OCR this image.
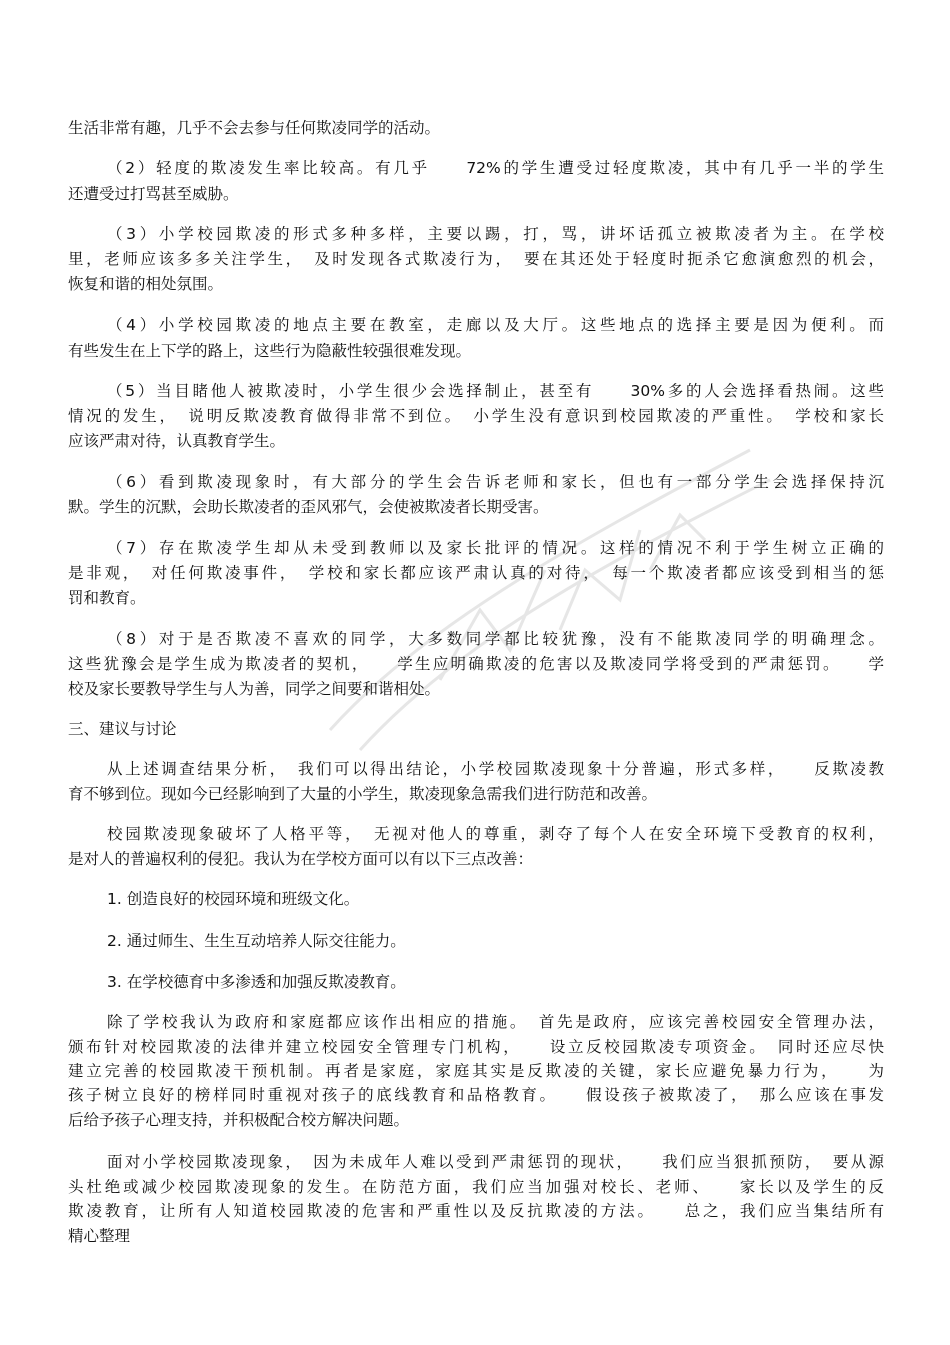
生活非常有趣，几乎不会去参与任何欺凌同学的活动。
（2）轻度的欺凌发生率比较高。有几乎　　72%的学生遭受过轻度欺凌，其中有几乎一半的学生
还遭受过打骂甚至威胁。
（3）小学校园欺凌的形式多种多样，主要以踢，打，骂，讲坏话孤立被欺凌者为主。在学校
里，老师应该多多关注学生，　及时发现各式欺凌行为，　要在其还处于轻度时扼杀它愈演愈烈的机会，
恢复和谐的相处氛围。
（4）小学校园欺凌的地点主要在教室，走廊以及大厅。这些地点的选择主要是因为便利。而
有些发生在上下学的路上，这些行为隐蔽性较强很难发现。
（5）当目睹他人被欺凌时，小学生很少会选择制止，甚至有　　30%多的人会选择看热闹。这些
情况的发生，　说明反欺凌教育做得非常不到位。　小学生没有意识到校园欺凌的严重性。　学校和家长
应该严肃对待，认真教育学生。
（6）看到欺凌现象时，有大部分的学生会告诉老师和家长，但也有一部分学生会选择保持沉
默。学生的沉默，会助长欺凌者的歪风邪气，会使被欺凌者长期受害。
（7）存在欺凌学生却从未受到教师以及家长批评的情况。这样的情况不利于学生树立正确的
是非观，　对任何欺凌事件，　学校和家长都应该严肃认真的对待，　每一个欺凌者都应该受到相当的惩
罚和教育。
（8）对于是否欺凌不喜欢的同学，大多数同学都比较犹豫，没有不能欺凌同学的明确理念。
这些犹豫会是学生成为欺凌者的契机，　　学生应明确欺凌的危害以及欺凌同学将受到的严肃惩罚。　　学
校及家长要教导学生与人为善，同学之间要和谐相处。
三、建议与讨论
从上述调查结果分析，　我们可以得出结论，小学校园欺凌现象十分普遍，形式多样，　　反欺凌教
育不够到位。现如今已经影响到了大量的小学生，欺凌现象急需我们进行防范和改善。
校园欺凌现象破坏了人格平等，　无视对他人的尊重，剥夺了每个人在安全环境下受教育的权利，
是对人的普遍权利的侵犯。我认为在学校方面可以有以下三点改善：
1. 创造良好的校园环境和班级文化。
2. 通过师生、生生互动培养人际交往能力。
3. 在学校德育中多渗透和加强反欺凌教育。
除了学校我认为政府和家庭都应该作出相应的措施。　首先是政府，应该完善校园安全管理办法，
颁布针对校园欺凌的法律并建立校园安全管理专门机构，　　设立反校园欺凌专项资金。　同时还应尽快
建立完善的校园欺凌干预机制。再者是家庭，家庭其实是反欺凌的关键，家长应避免暴力行为，　　为
孩子树立良好的榜样同时重视对孩子的底线教育和品格教育。　　假设孩子被欺凌了，　那么应该在事发
后给予孩子心理支持，并积极配合校方解决问题。
面对小学校园欺凌现象，　因为未成年人难以受到严肃惩罚的现状，　　我们应当狠抓预防，　要从源
头杜绝或减少校园欺凌现象的发生。在防范方面，我们应当加强对校长、老师、　　家长以及学生的反
欺凌教育，让所有人知道校园欺凌的危害和严重性以及反抗欺凌的方法。　　总之，我们应当集结所有
精心整理
